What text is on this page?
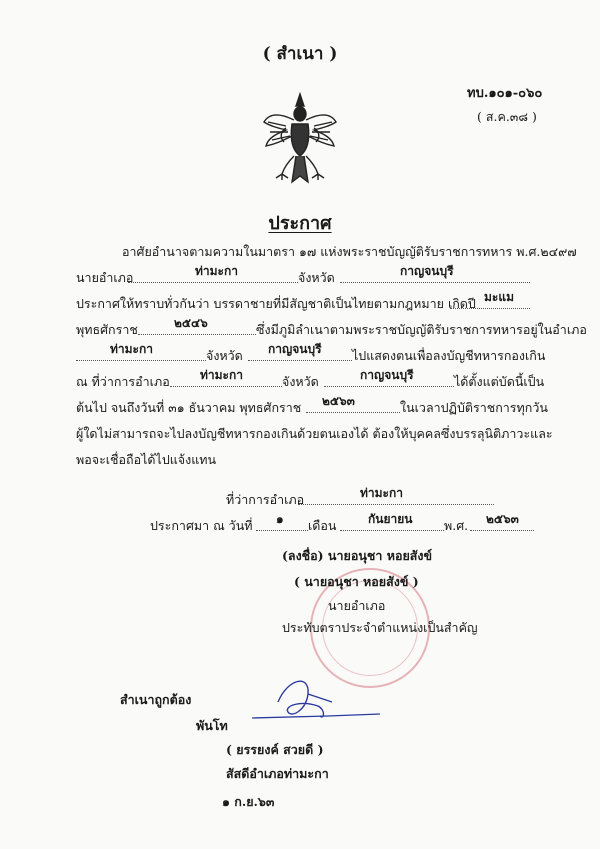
( สำเนา )
ทบ.๑๐๑-๐๖๐
( ส.ค.๓๘ )
ประกาศ
อาศัยอำนาจตามความในมาตรา ๑๗ แห่งพระราชบัญญัติรับราชการทหาร พ.ศ.๒๔๙๗
นายอำเภอ	ท่ามะกา	จังหวัด	กาญจนบุรี
ประกาศให้ทราบทั่วกันว่า บรรดาชายที่มีสัญชาติเป็นไทยตามกฎหมาย เกิดปี มะแม
พุทธศักราช	๒๕๔๖	ซึ่งมีภูมิลำเนาตามพระราชบัญญัติรับราชการทหารอยู่ในอำเภอ
ท่ามะกา	จังหวัด กาญจนบุรี ไปแสดงตนเพื่อลงบัญชีทหารกองเกิน
ณ ที่ว่าการอำเภอ	ท่ามะกา	จังหวัด	กาญจนบุรี	ได้ตั้งแต่บัดนี้เป็น
ต้นไป จนถึงวันที่ ๓๑ ธันวาคม พุทธศักราช ๒๕๖๓	ในเวลาปฏิบัติราชการทุกวัน
ผู้ใดไม่สามารถจะไปลงบัญชีทหารกองเกินด้วยตนเองได้ ต้องให้บุคคลซึ่งบรรลุนิติภาวะและ
พอจะเชื่อถือได้ไปแจ้งแทน
ที่ว่าการอำเภอ	ท่ามะกา
ประกาศมา ณ วันที่ ๑ เดือน	กันยายน	พ.ศ. ๒๕๖๓
(ลงชื่อ) นายอนุชา หอยสังข์
( นายอนุชา หอยสังข์ )
นายอำเภอ
ประทับตราประจำตำแหน่งเป็นสำคัญ
สำเนาถูกต้อง
พันโท
( ยรรยงค์ สวยดี )
สัสดีอำเภอท่ามะกา
๑ ก.ย.๖๓
